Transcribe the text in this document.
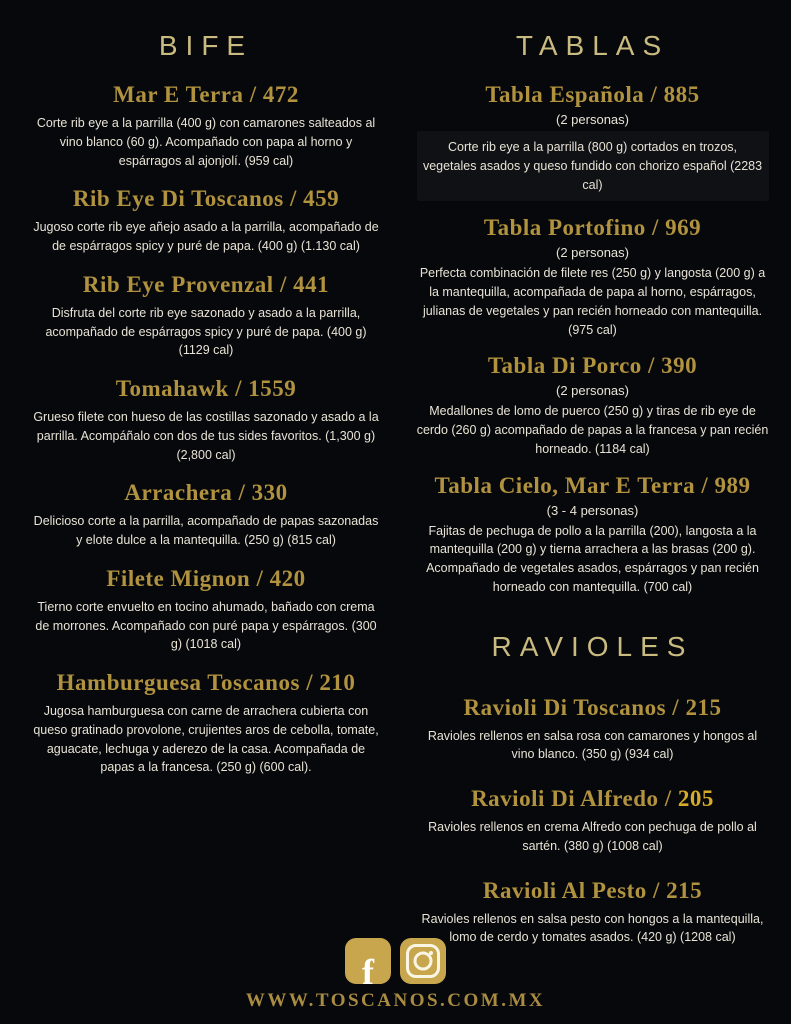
BIFE
Mar E Terra / 472

Corte rib eye a la parrilla (400 g) con camarones salteados al vino blanco (60 g). Acompañado con papa al horno y espárragos al ajonjolí. (959 cal)

Rib Eye Di Toscanos / 459

Jugoso corte rib eye añejo asado a la parrilla, acompañado de de espárragos spicy y puré de papa. (400 g) (1.130 cal)

Rib Eye Provenzal / 441

Disfruta del corte rib eye sazonado y asado a la parrilla, acompañado de espárragos spicy y puré de papa. (400 g) (1129 cal)

Tomahawk / 1559

Grueso filete con hueso de las costillas sazonado y asado a la parrilla. Acompáñalo con dos de tus sides favoritos. (1,300 g) (2,800 cal)

Arrachera / 330

Delicioso corte a la parrilla, acompañado de papas sazonadas y elote dulce a la mantequilla. (250 g) (815 cal)

Filete Mignon / 420

Tierno corte envuelto en tocino ahumado, bañado con crema de morrones. Acompañado con puré papa y espárragos. (300 g) (1018 cal)

Hamburguesa Toscanos / 210

Jugosa hamburguesa con carne de arrachera cubierta con queso gratinado provolone, crujientes aros de cebolla, tomate, aguacate, lechuga y aderezo de la casa. Acompañada de papas a la francesa. (250 g) (600 cal).

TABLAS
Tabla Española / 885

(2 personas)

Corte rib eye a la parrilla (800 g) cortados en trozos, vegetales asados y queso fundido con chorizo español (2283 cal)

Tabla Portofino / 969

(2 personas)

Perfecta combinación de filete res (250 g) y langosta (200 g) a la mantequilla, acompañada de papa al horno, espárragos, julianas de vegetales y pan recién horneado con mantequilla. (975 cal)

Tabla Di Porco / 390

(2 personas)

Medallones de lomo de puerco (250 g) y tiras de rib eye de cerdo (260 g) acompañado de papas a la francesa y pan recién horneado. (1184 cal)

Tabla Cielo, Mar E Terra / 989

(3 - 4 personas)

Fajitas de pechuga de pollo a la parrilla (200), langosta a la mantequilla (200 g) y tierna arrachera a las brasas (200 g). Acompañado de vegetales asados, espárragos y pan recién horneado con mantequilla. (700 cal)

RAVIOLES
Ravioli Di Toscanos / 215

Ravioles rellenos en salsa rosa con camarones y hongos al vino blanco. (350 g) (934 cal)

Ravioli Di Alfredo / 205

Ravioles rellenos en crema Alfredo con pechuga de pollo al sartén. (380 g) (1008 cal)

Ravioli Al Pesto / 215

Ravioles rellenos en salsa pesto con hongos a la mantequilla, lomo de cerdo y tomates asados. (420 g) (1208 cal)

f

WWW.TOSCANOS.COM.MX
